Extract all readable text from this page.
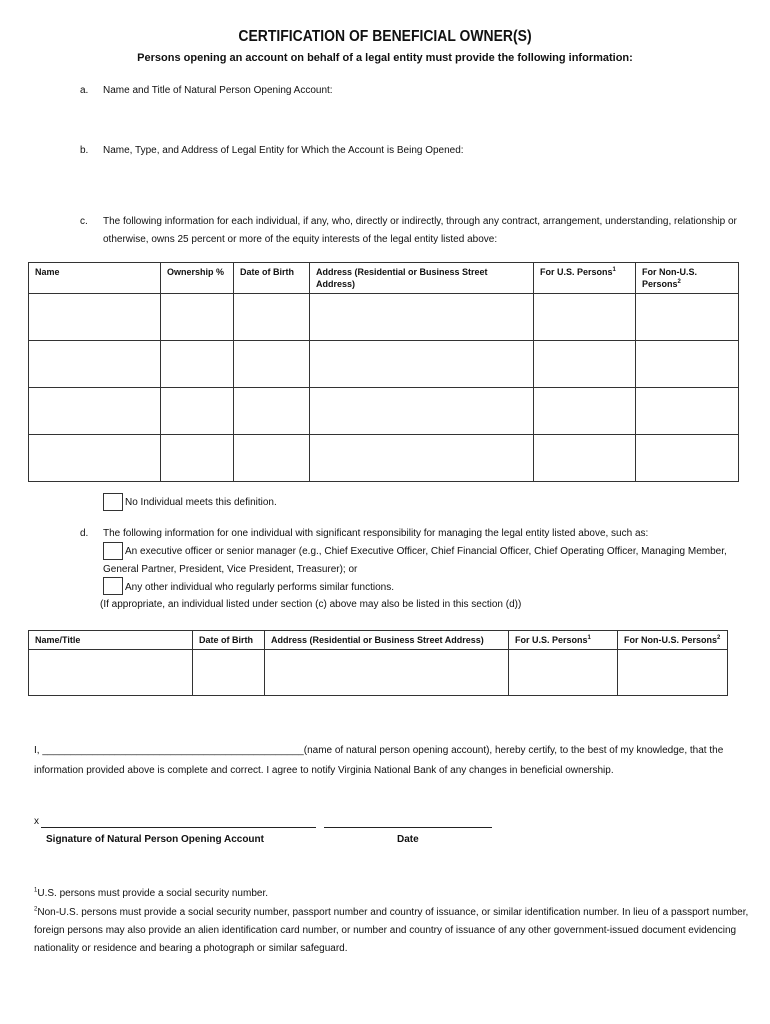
CERTIFICATION OF BENEFICIAL OWNER(S)
Persons opening an account on behalf of a legal entity must provide the following information:
a. Name and Title of Natural Person Opening Account:
b. Name, Type, and Address of Legal Entity for Which the Account is Being Opened:
c. The following information for each individual, if any, who, directly or indirectly, through any contract, arrangement, understanding, relationship or
otherwise, owns 25 percent or more of the equity interests of the legal entity listed above:
Name	Ownership %	Date of Birth	Address (Residential or Business Street Address)	For U.S. Persons$^1$	For Non-U.S. Persons$^2$

No Individual meets this definition.
d. The following information for one individual with significant responsibility for managing the legal entity listed above, such as:
An executive officer or senior manager (e.g., Chief Executive Officer, Chief Financial Officer, Chief Operating Officer, Managing Member,
General Partner, President, Vice President, Treasurer); or
Any other individual who regularly performs similar functions.
(If appropriate, an individual listed under section (c) above may also be listed in this section (d))
Name/Title	Date of Birth	Address (Residential or Business Street Address)	For U.S. Persons$^1$	For Non-U.S. Persons$^2$

I, _______________________________________________(name of natural person opening account), hereby certify, to the best of my knowledge, that the
information provided above is complete and correct. I agree to notify Virginia National Bank of any changes in beneficial ownership.
x
Signature of Natural Person Opening Account	Date
$^1$U.S. persons must provide a social security number.
$^2$Non-U.S. persons must provide a social security number, passport number and country of issuance, or similar identification number. In lieu of a passport number,
foreign persons may also provide an alien identification card number, or number and country of issuance of any other government-issued document evidencing
nationality or residence and bearing a photograph or similar safeguard.
